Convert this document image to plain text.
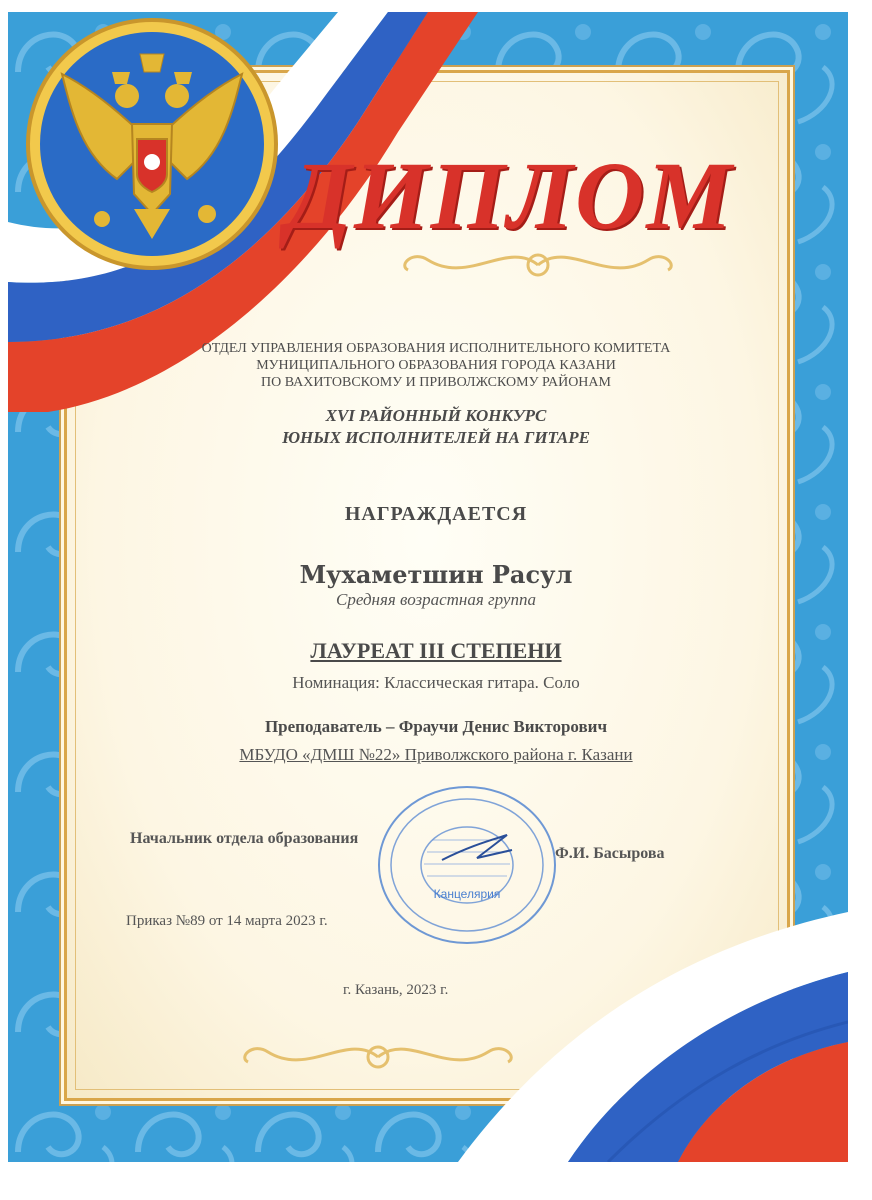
ДИПЛОМ
ОТДЕЛ УПРАВЛЕНИЯ ОБРАЗОВАНИЯ ИСПОЛНИТЕЛЬНОГО КОМИТЕТА
МУНИЦИПАЛЬНОГО ОБРАЗОВАНИЯ ГОРОДА КАЗАНИ
ПО ВАХИТОВСКОМУ И ПРИВОЛЖСКОМУ РАЙОНАМ
XVI РАЙОННЫЙ КОНКУРС
ЮНЫХ ИСПОЛНИТЕЛЕЙ НА ГИТАРЕ
НАГРАЖДАЕТСЯ
Мухаметшин Расул
Средняя возрастная группа
ЛАУРЕАТ III СТЕПЕНИ
Номинация: Классическая гитара. Соло
Преподаватель – Фраучи Денис Викторович
МБУДО «ДМШ №22» Приволжского района г. Казани
Канцелярия
Начальник отдела образования
Ф.И. Басырова
Приказ №89 от 14 марта 2023 г.
г. Казань, 2023 г.
